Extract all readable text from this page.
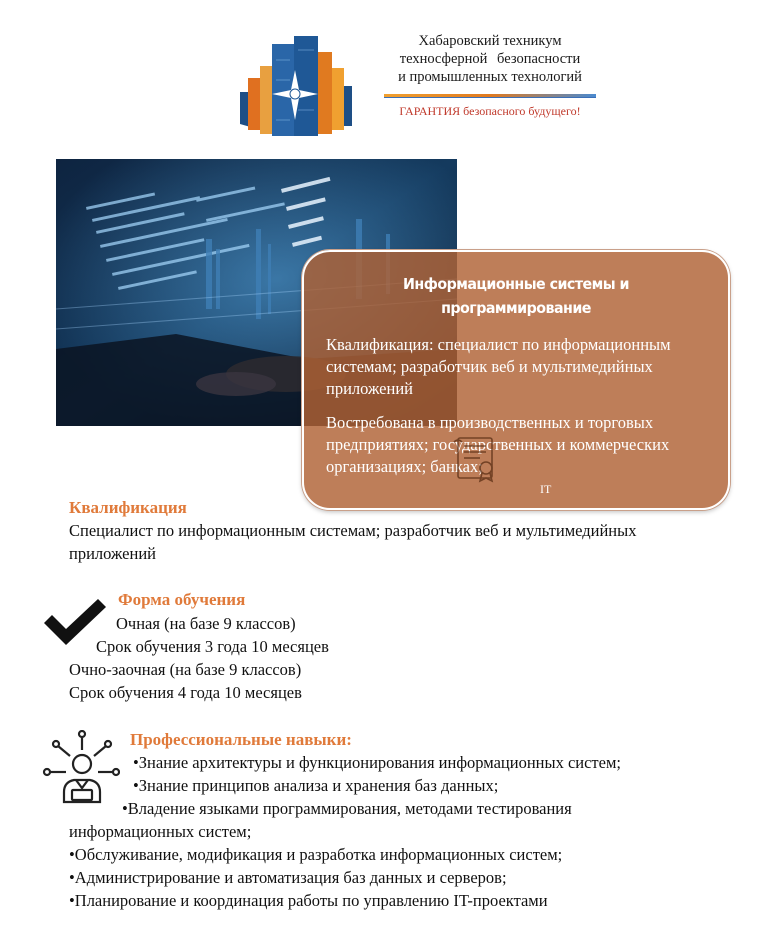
Хабаровский техникум
техносферной безопасности
и промышленных технологий
ГАРАНТИЯ безопасного будущего!
Информационные системы и
программирование
Квалификация: специалист по информационным системам; разработчик веб и мультимедийных приложений
Востребована в производственных и торговых предприятиях; государственных и коммерческих организациях; банках;
IT
Квалификация
Специалист по информационным системам; разработчик веб и мультимедийных
приложений
Форма обучения
Очная (на базе 9 классов)
Срок обучения 3 года 10 месяцев
Очно-заочная (на базе 9 классов)
Срок обучения 4 года 10 месяцев
Профессиональные навыки:
•Знание архитектуры и функционирования информационных систем;
•Знание принципов анализа и хранения баз данных;
•Владение языками программирования, методами тестирования
информационных систем;
•Обслуживание, модификация и разработка информационных систем;
•Администрирование и автоматизация баз данных и серверов;
•Планирование и координация работы по управлению IT-проектами
